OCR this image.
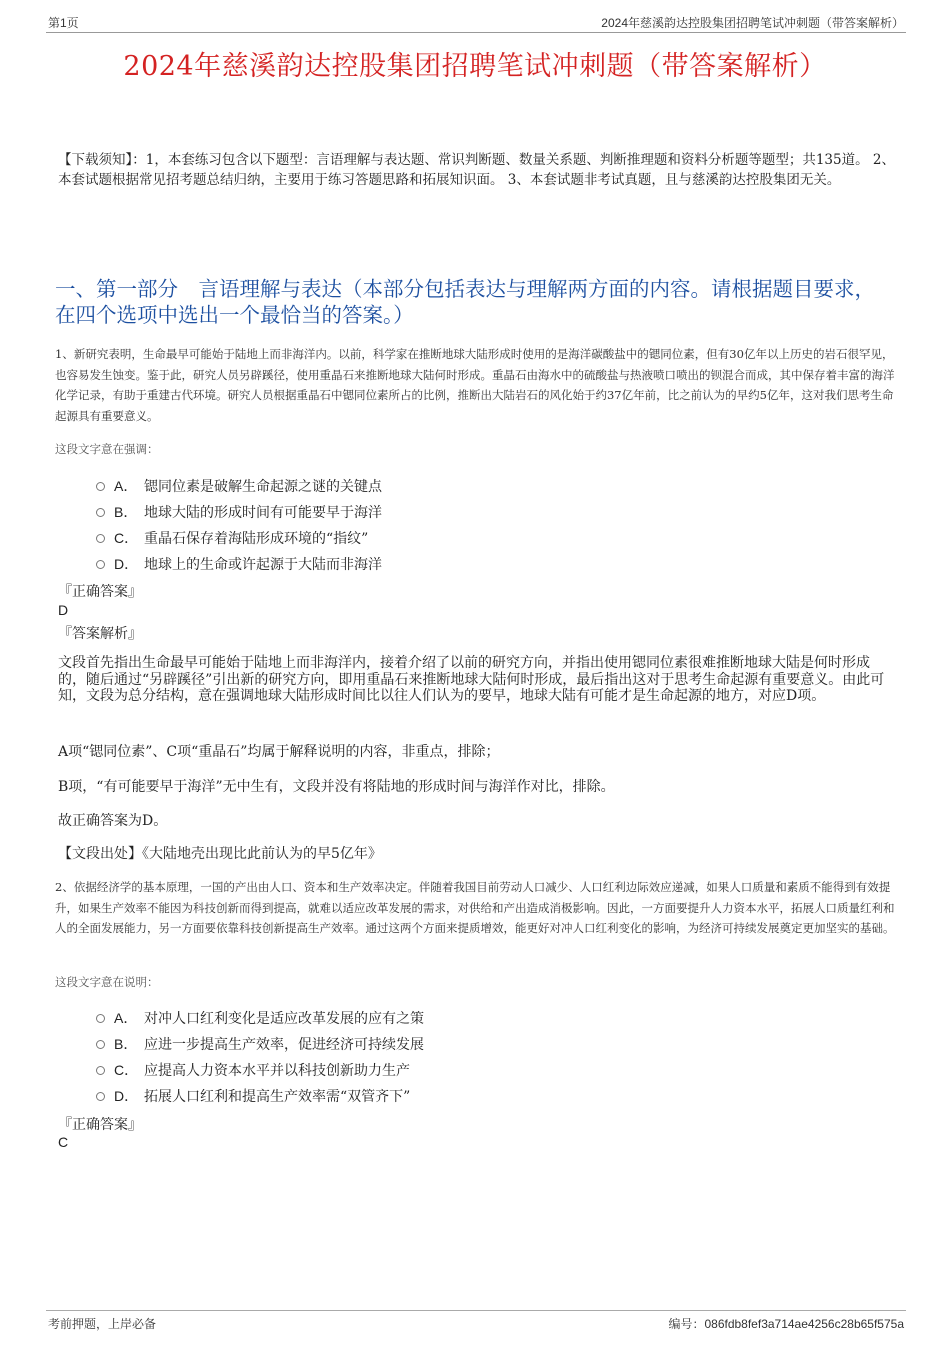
第1页	2024年慈溪韵达控股集团招聘笔试冲刺题（带答案解析）
2024年慈溪韵达控股集团招聘笔试冲刺题（带答案解析）
【下载须知】：1，本套练习包含以下题型：言语理解与表达题、常识判断题、数量关系题、判断推理题和资料分析题等题型；共135道。 2、本套试题根据常见招考题总结归纳，主要用于练习答题思路和拓展知识面。 3、本套试题非考试真题，且与慈溪韵达控股集团无关。
一、第一部分　言语理解与表达（本部分包括表达与理解两方面的内容。请根据题目要求，在四个选项中选出一个最恰当的答案。）
1、新研究表明，生命最早可能始于陆地上而非海洋内。以前，科学家在推断地球大陆形成时使用的是海洋碳酸盐中的锶同位素，但有30亿年以上历史的岩石很罕见，也容易发生蚀变。鉴于此，研究人员另辟蹊径，使用重晶石来推断地球大陆何时形成。重晶石由海水中的硫酸盐与热液喷口喷出的钡混合而成，其中保存着丰富的海洋化学记录，有助于重建古代环境。研究人员根据重晶石中锶同位素所占的比例，推断出大陆岩石的风化始于约37亿年前，比之前认为的早约5亿年，这对我们思考生命起源具有重要意义。
这段文字意在强调：
A． 锶同位素是破解生命起源之谜的关键点
B． 地球大陆的形成时间有可能要早于海洋
C． 重晶石保存着海陆形成环境的“指纹”
D． 地球上的生命或许起源于大陆而非海洋
『正确答案』
D
『答案解析』
文段首先指出生命最早可能始于陆地上而非海洋内，接着介绍了以前的研究方向，并指出使用锶同位素很难推断地球大陆是何时形成的，随后通过“另辟蹊径”引出新的研究方向，即用重晶石来推断地球大陆何时形成，最后指出这对于思考生命起源有重要意义。由此可知，文段为总分结构，意在强调地球大陆形成时间比以往人们认为的要早，地球大陆有可能才是生命起源的地方，对应D项。
A项“锶同位素”、C项“重晶石”均属于解释说明的内容，非重点，排除；
B项，“有可能要早于海洋”无中生有，文段并没有将陆地的形成时间与海洋作对比，排除。
故正确答案为D。
【文段出处】《大陆地壳出现比此前认为的早5亿年》
2、依据经济学的基本原理，一国的产出由人口、资本和生产效率决定。伴随着我国目前劳动人口减少、人口红利边际效应递减，如果人口质量和素质不能得到有效提升，如果生产效率不能因为科技创新而得到提高，就难以适应改革发展的需求，对供给和产出造成消极影响。因此，一方面要提升人力资本水平，拓展人口质量红利和人的全面发展能力，另一方面要依靠科技创新提高生产效率。通过这两个方面来提质增效，能更好对冲人口红利变化的影响，为经济可持续发展奠定更加坚实的基础。
这段文字意在说明：
A． 对冲人口红利变化是适应改革发展的应有之策
B． 应进一步提高生产效率，促进经济可持续发展
C． 应提高人力资本水平并以科技创新助力生产
D． 拓展人口红利和提高生产效率需“双管齐下”
『正确答案』
C
考前押题，上岸必备	编号：086fdb8fef3a714ae4256c28b65f575a
